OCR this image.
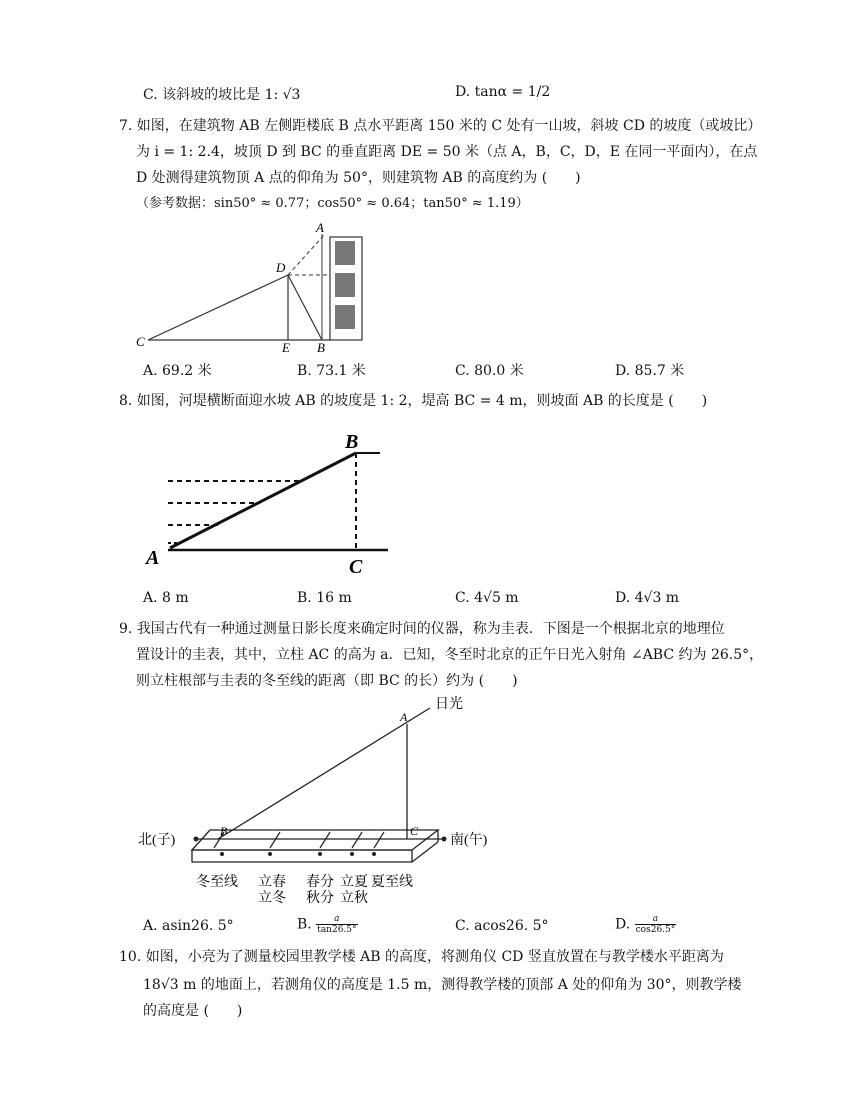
C. 该斜坡的坡比是 1: √3	D. tanα = 1/2
7. 如图，在建筑物 AB 左侧距楼底 B 点水平距离 150 米的 C 处有一山坡，斜坡 CD 的坡度（或坡比）
为 i = 1: 2.4，坡顶 D 到 BC 的垂直距离 DE = 50 米（点 A，B，C，D，E 在同一平面内），在点
D 处测得建筑物顶 A 点的仰角为 50°，则建筑物 AB 的高度约为 (　　)
（参考数据：sin50° ≈ 0.77；cos50° ≈ 0.64；tan50° ≈ 1.19）
A
D
C	E B
A. 69.2 米	B. 73.1 米	C. 80.0 米	D. 85.7 米
8. 如图，河堤横断面迎水坡 AB 的坡度是 1: 2，堤高 BC = 4 m，则坡面 AB 的长度是 (　　)
A
B
C
A. 8 m	B. 16 m	C. 4√5 m	D. 4√3 m
9. 我国古代有一种通过测量日影长度来确定时间的仪器，称为圭表．下图是一个根据北京的地理位
置设计的圭表，其中，立柱 AC 的高为 a．已知，冬至时北京的正午日光入射角 ∠ABC 约为 26.5°，
则立柱根部与圭表的冬至线的距离（即 BC 的长）约为 (　　)
日光
A
B	C
北(子)	南(午)
冬至线 立春
立冬
春分
秋分
立夏
立秋
夏至线
A. asin26. 5°	B. $\frac{a}{\tan 26.5^\circ}$	C. acos26. 5°	D. $\frac{a}{\cos 26.5^\circ}$
10. 如图，小亮为了测量校园里教学楼 AB 的高度，将测角仪 CD 竖直放置在与教学楼水平距离为
18√3 m 的地面上，若测角仪的高度是 1.5 m，测得教学楼的顶部 A 处的仰角为 30°，则教学楼
的高度是 (　　)
